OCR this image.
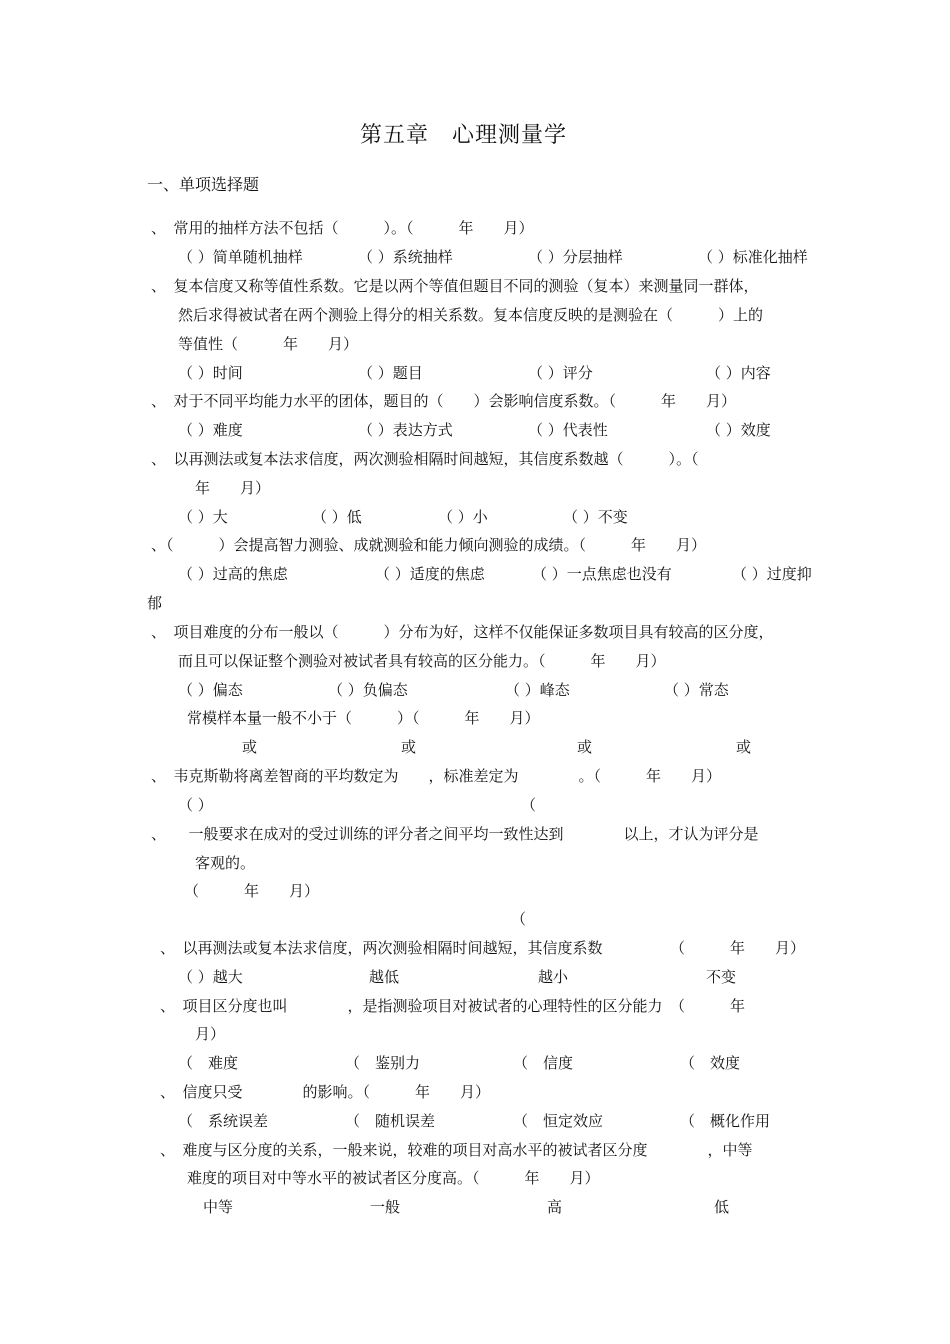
第五章　心理测量学
一、单项选择题
、　常用的抽样方法不包括（　　　）。（　　　年　　月）
（ ）简单随机抽样	（ ）系统抽样	（ ）分层抽样	（ ）标准化抽样
、　复本信度又称等值性系数。它是以两个等值但题目不同的测验（复本）来测量同一群体，
然后求得被试者在两个测验上得分的相关系数。复本信度反映的是测验在（　　　）上的
等值性（　　　年　　月）
（ ）时间	（ ）题目	（ ）评分	（ ）内容
、　对于不同平均能力水平的团体，题目的（　　）会影响信度系数。（　　　年　　月）
（ ）难度	（ ）表达方式	（ ）代表性	（ ）效度
、　以再测法或复本法求信度，两次测验相隔时间越短，其信度系数越（　　　）。（
年　　月）
（ ）大	（ ）低	（ ）小	（ ）不变
、（　　　）会提高智力测验、成就测验和能力倾向测验的成绩。（　　　年　　月）
（ ）过高的焦虑	（ ）适度的焦虑	（ ）一点焦虑也没有	（ ）过度抑
郁
、　项目难度的分布一般以（　　　）分布为好，这样不仅能保证多数项目具有较高的区分度，
而且可以保证整个测验对被试者具有较高的区分能力。（　　　年　　月）
（ ）偏态	（ ）负偏态	（ ）峰态	（ ）常态
常模样本量一般不小于（　　　）（　　　年　　月）
或	或	或	或
、　韦克斯勒将离差智商的平均数定为　　，标准差定为　　　　。（　　　年　　月）
（ ）	（
、　　一般要求在成对的受过训练的评分者之间平均一致性达到　　　　以上，才认为评分是
客观的。
（　　　年　　月）
（
、　以再测法或复本法求信度，两次测验相隔时间越短，其信度系数　　　　　（　　　年　　月）
（ ）越大	越低	越小	不变
、　项目区分度也叫　　　　，是指测验项目对被试者的心理特性的区分能力　（　　　年
月）
（　难度	（　鉴别力	（　信度	（　效度
、　信度只受　　　　的影响。（　　　年　　月）
（　系统误差	（　随机误差	（　恒定效应	（　概化作用
、　难度与区分度的关系，一般来说，较难的项目对高水平的被试者区分度　　　　，中等
难度的项目对中等水平的被试者区分度高。（　　　年　　月）
中等	一般	高	低
